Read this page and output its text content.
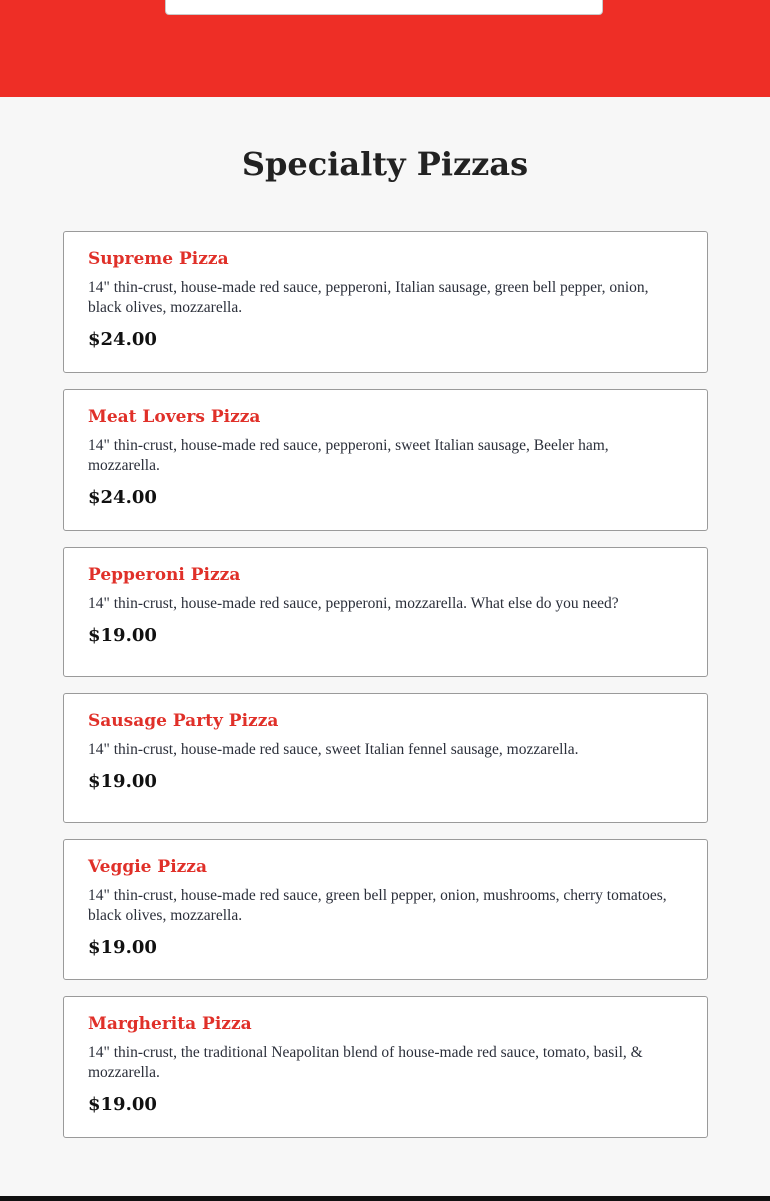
Specialty Pizzas
Supreme Pizza

14" thin-crust, house-made red sauce, pepperoni, Italian sausage, green bell pepper, onion, black olives, mozzarella.

$24.00

Meat Lovers Pizza

14" thin-crust, house-made red sauce, pepperoni, sweet Italian sausage, Beeler ham, mozzarella.

$24.00

Pepperoni Pizza

14" thin-crust, house-made red sauce, pepperoni, mozzarella. What else do you need?

$19.00

Sausage Party Pizza

14" thin-crust, house-made red sauce, sweet Italian fennel sausage, mozzarella.

$19.00

Veggie Pizza

14" thin-crust, house-made red sauce, green bell pepper, onion, mushrooms, cherry tomatoes, black olives, mozzarella.

$19.00

Margherita Pizza

14" thin-crust, the traditional Neapolitan blend of house-made red sauce, tomato, basil, & mozzarella.

$19.00
